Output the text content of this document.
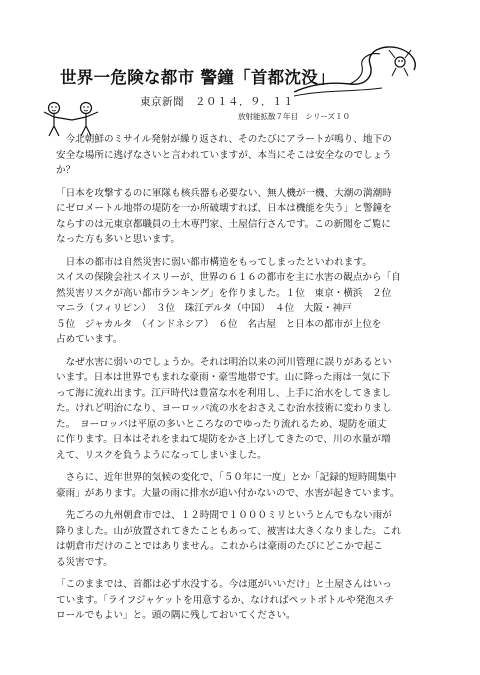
世界一危険な都市 警鐘「首都沈没」
東京新聞　２０１４．９．１１
放射能拡散７年目　シリーズ１０

　今北朝鮮のミサイル発射が繰り返され、そのたびにアラートが鳴り、地下の
安全な場所に逃げなさいと言われていますが、本当にそこは安全なのでしょう
か？

「日本を攻撃するのに軍隊も核兵器も必要ない、無人機が一機、大潮の満潮時
にゼロメートル地帯の堤防を一か所破壊すれば、日本は機能を失う」と警鐘を
ならすのは元東京都職員の土木専門家、土屋信行さんです。この新聞をご覧に
なった方も多いと思います。

　日本の都市は自然災害に弱い都市構造をもってしまったといわれます。
スイスの保険会社スイスリーが、世界の６１６の都市を主に水害の観点から「自
然災害リスクが高い都市ランキング」を作りました。１位　東京・横浜　２位
マニラ（フィリピン）　３位　珠江デルタ（中国）　４位　大阪・神戸
５位　ジャカルタ　（インドネシア）　６位　名古屋　と日本の都市が上位を
占めています。

　なぜ水害に弱いのでしょうか。それは明治以来の河川管理に誤りがあるとい
います。日本は世界でもまれな豪雨・豪雪地帯です。山に降った雨は一気に下
って海に流れ出ます。江戸時代は豊富な水を利用し、上手に治水をしてきまし
た。けれど明治になり、ヨーロッパ流の水をおさえこむ治水技術に変わりまし
た。　ヨーロッパは平原の多いところなのでゆったり流れるため、堤防を頑丈
に作ります。日本はそれをまねて堤防をかさ上げしてきたので、川の水量が増
えて、リスクを負うようになってしまいました。

　さらに、近年世界的気候の変化で、「５０年に一度」とか「記録的短時間集中
豪雨」があります。大量の雨に排水が追い付かないので、水害が起きています。

　先ごろの九州朝倉市では、１２時間で１０００ミリというとんでもない雨が
降りました。山が放置されてきたこともあって、被害は大きくなりました。これ
は朝倉市だけのことではありません。これからは豪雨のたびにどこかで起こ
る災害です。

「このままでは、首都は必ず水没する。今は運がいいだけ」と土屋さんはいっ
ています。「ライフジャケットを用意するか、なければペットボトルや発泡スチ
ロールでもよい」と。頭の隅に残しておいてください。
